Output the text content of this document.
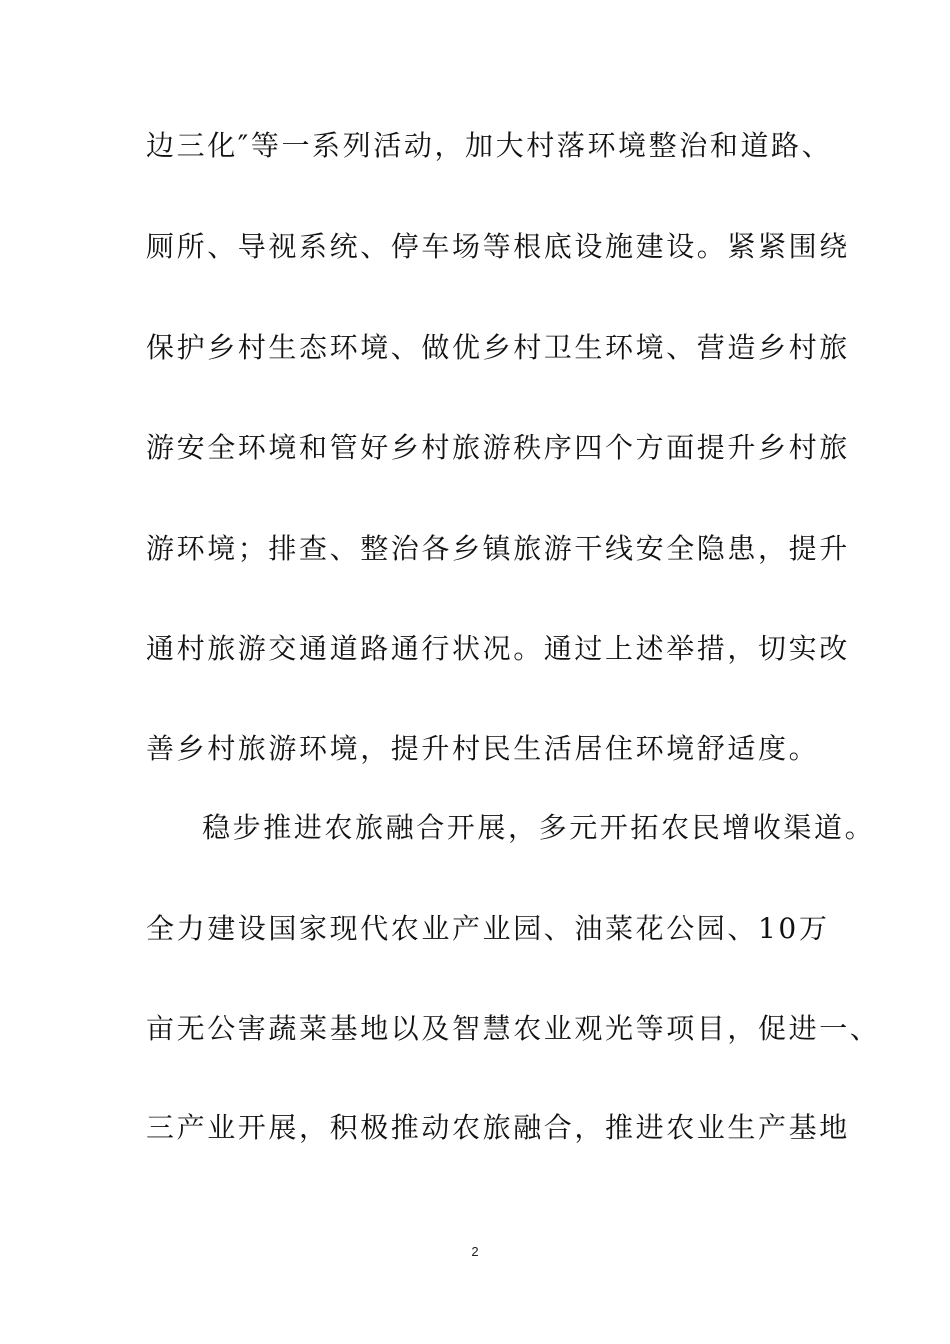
边三化″等一系列活动，加大村落环境整治和道路、
厕所、导视系统、停车场等根底设施建设。紧紧围绕
保护乡村生态环境、做优乡村卫生环境、营造乡村旅
游安全环境和管好乡村旅游秩序四个方面提升乡村旅
游环境；排查、整治各乡镇旅游干线安全隐患，提升
通村旅游交通道路通行状况。通过上述举措，切实改
善乡村旅游环境，提升村民生活居住环境舒适度。
稳步推进农旅融合开展，多元开拓农民增收渠道。
全力建设国家现代农业产业园、油菜花公园、10万
亩无公害蔬菜基地以及智慧农业观光等项目，促进一、
三产业开展，积极推动农旅融合，推进农业生产基地
2
